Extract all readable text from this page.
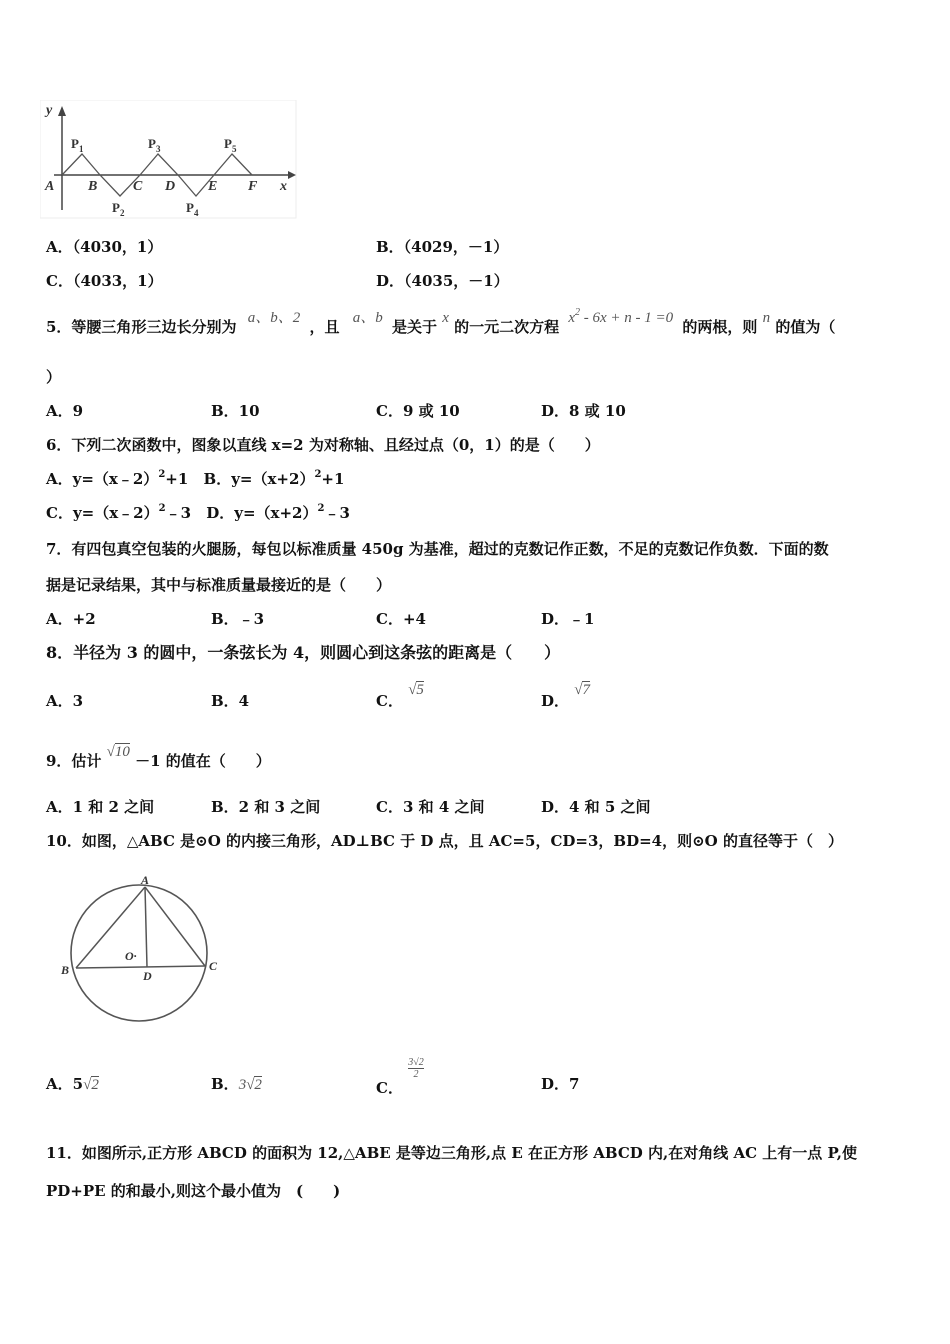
y
x
A B	C D E F
$P_1$
$P_2$
$P_3$
$P_4$
$P_5$
A．（4030，1）	B．（4029，－1）
C．（4033，1）	D．（4035，－1）
5．等腰三角形三边长分别为 a、b、2 ，且 a、b 是关于 x 的一元二次方程 $x^2 - 6x + n - 1 =0$ 的两根，则 n 的值为（
）
A．9	B．10	C．9 或 10	D．8 或 10
6．下列二次函数中，图象以直线 x=2 为对称轴、且经过点（0，1）的是（　　）
A．y=（x﹣2）$^2$+1 B．$y=(x+2)^2+1$
C．y=（x﹣2）$^2$﹣3 D．$y=(x+2)^2﹣3$
7．有四包真空包装的火腿肠，每包以标准质量 450g 为基准，超过的克数记作正数，不足的克数记作负数．下面的数
据是记录结果，其中与标准质量最接近的是（　　）
A．+2	B．﹣3	C．+4	D．﹣1
8．半径为 3 的圆中，一条弦长为 4，则圆心到这条弦的距离是（　　）
A．3	B．4	C． √5
D． √7
9．估计 √10 －1 的值在（　　）
A．1 和 2 之间	B．2 和 3 之间	C．3 和 4 之间	D．4 和 5 之间
10．如图，△ABC 是⊙O 的内接三角形，AD⊥BC 于 D 点，且 AC=5，CD=3，BD=4，则⊙O 的直径等于（　）
A
B	C
D
O·
A．5√2	B．3√2	C．
$\frac{3√2}{2}$
D．7
11．如图所示,正方形 ABCD 的面积为 12,△ABE 是等边三角形,点 E 在正方形 ABCD 内,在对角线 AC 上有一点 P,使
PD+PE 的和最小,则这个最小值为　(　　)
